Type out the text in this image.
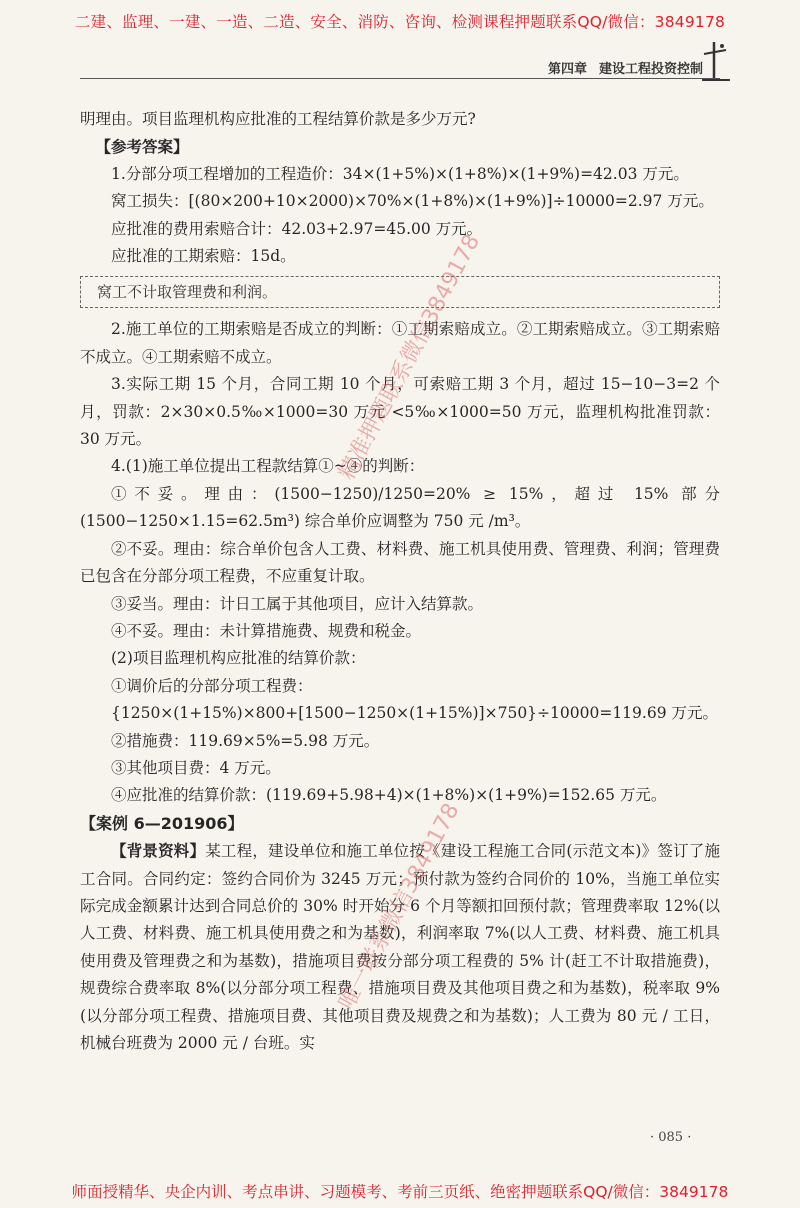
二建、监理、一建、一造、二造、安全、消防、咨询、检测课程押题联系QQ/微信：3849178
第四章 建设工程投资控制

明理由。项目监理机构应批准的工程结算价款是多少万元?

【参考答案】

1.分部分项工程增加的工程造价：34×(1+5%)×(1+8%)×(1+9%)=42.03 万元。

窝工损失：[(80×200+10×2000)×70%×(1+8%)×(1+9%)]÷10000=2.97 万元。

应批准的费用索赔合计：42.03+2.97=45.00 万元。

应批准的工期索赔：15d。

窝工不计取管理费和利润。

2.施工单位的工期索赔是否成立的判断：①工期索赔成立。②工期索赔成立。③工期索赔不成立。④工期索赔不成立。

3.实际工期 15 个月，合同工期 10 个月，可索赔工期 3 个月，超过 15−10−3=2 个月，罚款：2×30×0.5‰×1000=30 万元 <5‰×1000=50 万元，监理机构批准罚款：30 万元。

4.(1)施工单位提出工程款结算①~④的判断：

①不妥。理由：(1500−1250)/1250=20% ≥ 15%，超过 15% 部分 (1500−1250×1.15=62.5m³) 综合单价应调整为 750 元 /m³。

②不妥。理由：综合单价包含人工费、材料费、施工机具使用费、管理费、利润；管理费已包含在分部分项工程费，不应重复计取。

③妥当。理由：计日工属于其他项目，应计入结算款。

④不妥。理由：未计算措施费、规费和税金。

(2)项目监理机构应批准的结算价款：

①调价后的分部分项工程费：

{1250×(1+15%)×800+[1500−1250×(1+15%)]×750}÷10000=119.69 万元。

②措施费：119.69×5%=5.98 万元。

③其他项目费：4 万元。

④应批准的结算价款：(119.69+5.98+4)×(1+8%)×(1+9%)=152.65 万元。

【案例 6—201906】

【背景资料】某工程，建设单位和施工单位按《建设工程施工合同(示范文本)》签订了施工合同。合同约定：签约合同价为 3245 万元；预付款为签约合同价的 10%，当施工单位实际完成金额累计达到合同总价的 30% 时开始分 6 个月等额扣回预付款；管理费率取 12%(以人工费、材料费、施工机具使用费之和为基数)，利润率取 7%(以人工费、材料费、施工机具使用费及管理费之和为基数)，措施项目费按分部分项工程费的 5% 计(赶工不计取措施费)，规费综合费率取 8%(以分部分项工程费、措施项目费及其他项目费之和为基数)，税率取 9%(以分部分项工程费、措施项目费、其他项目费及规费之和为基数)；人工费为 80 元 / 工日，机械台班费为 2000 元 / 台班。实

精准押题联系微信3849178
唯一联系微信3849178
· 085 ·
师面授精华、央企内训、考点串讲、习题模考、考前三页纸、绝密押题联系QQ/微信：3849178
